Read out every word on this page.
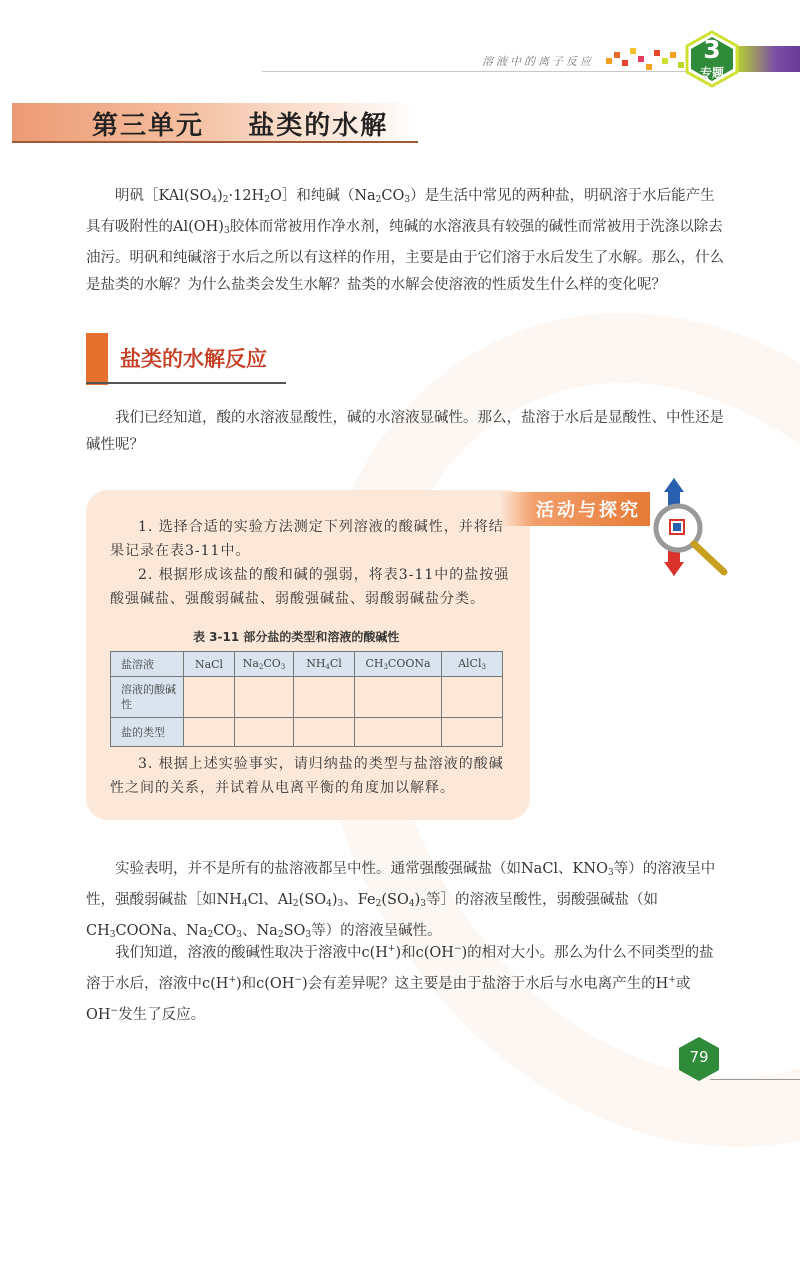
溶液中的离子反应	3
专题
第三单元    盐类的水解

明矾$[KAl(SO_4)_2\cdot 12H_2O]$和纯碱$(Na_2CO_3)$是生活中常见的两种盐，明矾溶于水后能产生具有吸附性的$Al(OH)_3$胶体而常被用作净水剂，纯碱的水溶液具有较强的碱性而常被用于洗涤以除去油污。明矾和纯碱溶于水后之所以有这样的作用，主要是由于它们溶于水后发生了水解。那么，什么是盐类的水解？为什么盐类会发生水解？盐类的水解会使溶液的性质发生什么样的变化呢？

盐类的水解反应

我们已经知道，酸的水溶液显酸性，碱的水溶液显碱性。那么，盐溶于水后是显酸性、中性还是碱性呢？

活动与探究

1. 选择合适的实验方法测定下列溶液的酸碱性，并将结果记录在表3-11中。

2. 根据形成该盐的酸和碱的强弱，将表3-11中的盐按强酸强碱盐、强酸弱碱盐、弱酸强碱盐、弱酸弱碱盐分类。

表 3-11 部分盐的类型和溶液的酸碱性
盐溶液	NaCl	$Na_2CO_3$	$NH_4Cl$	$CH_3COONa$	AlCl$_3$
溶液的酸碱性					
盐的类型					

3. 根据上述实验事实，请归纳盐的类型与盐溶液的酸碱性之间的关系，并试着从电离平衡的角度加以解释。

实验表明，并不是所有的盐溶液都呈中性。通常强酸强碱盐（如NaCl、$KNO_3$等）的溶液呈中性，强酸弱碱盐［如$NH_4Cl$、$Al_2(SO_4)_3$、$Fe_2(SO_4)_3$等］的溶液呈酸性，弱酸强碱盐（如$CH_3COONa$、$Na_2CO_3$、$Na_2SO_3$等）的溶液呈碱性。

我们知道，溶液的酸碱性取决于溶液中c(H+)和c(OH−)的相对大小。那么为什么不同类型的盐溶于水后，溶液中c(H+)和c(OH−)会有差异呢？这主要是由于盐溶于水后与水电离产生的H+或OH−发生了反应。

79
